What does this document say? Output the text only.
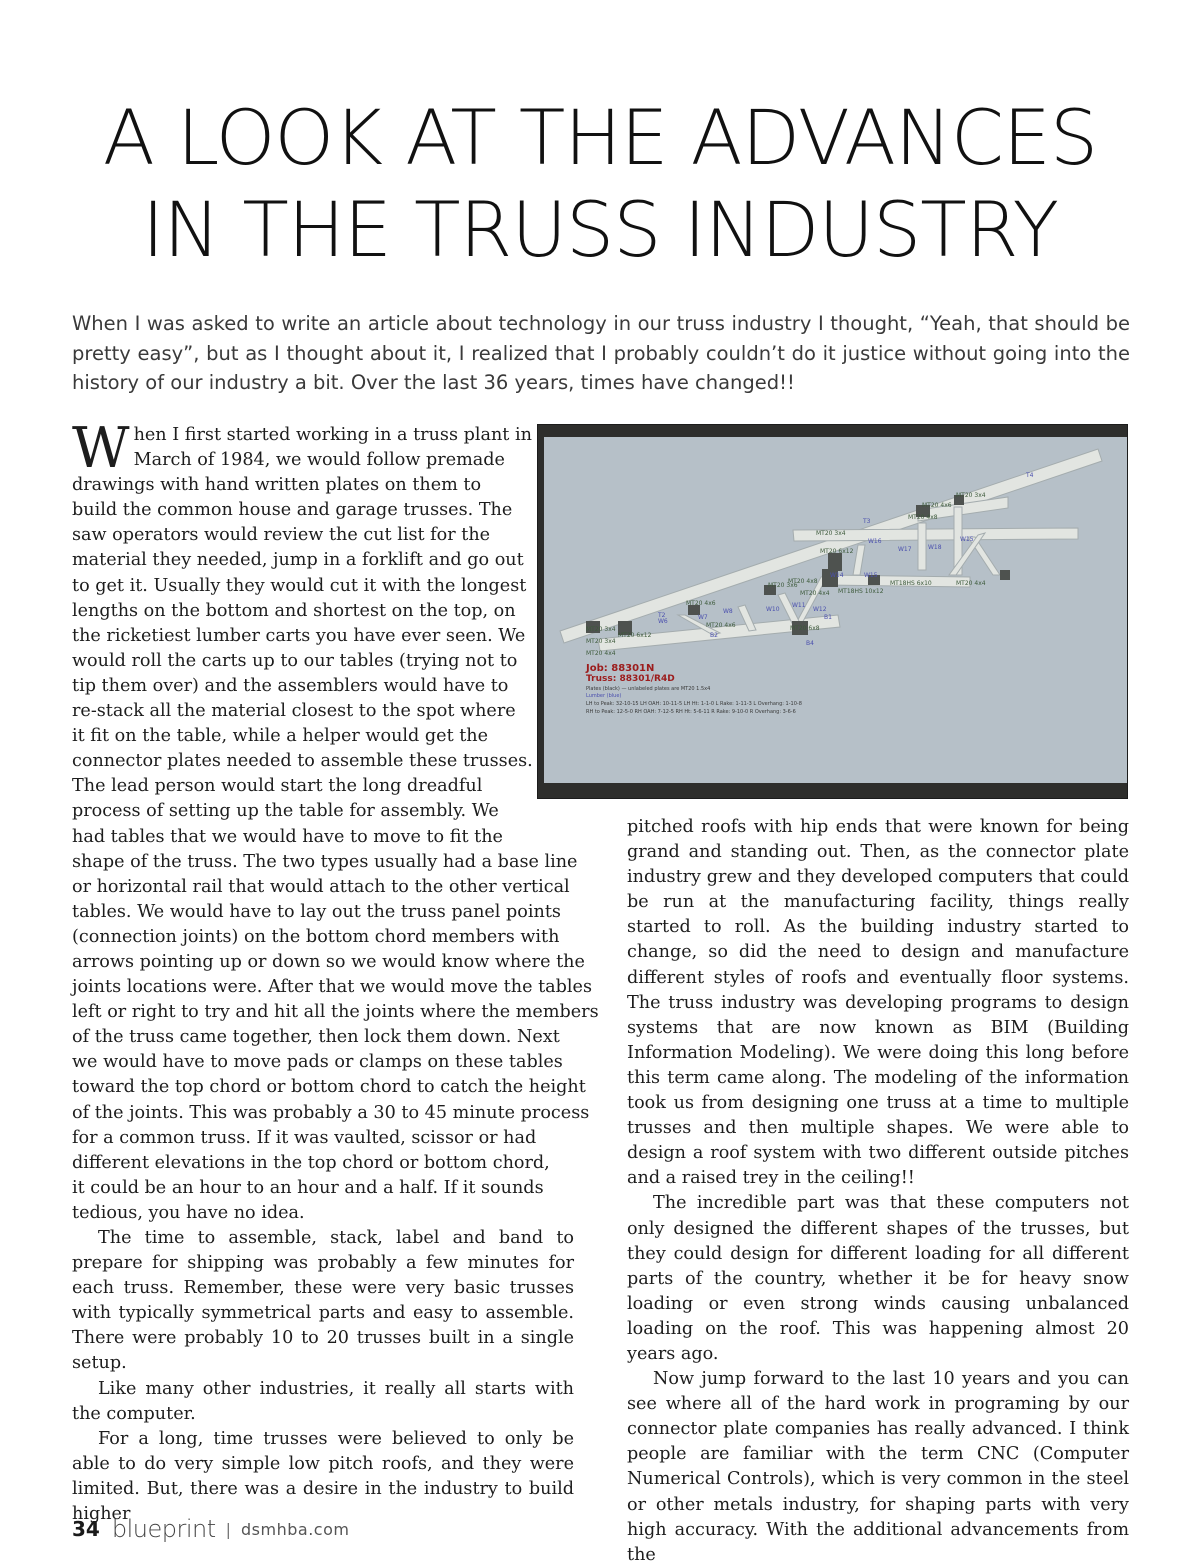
A LOOK AT THE ADVANCES
IN THE TRUSS INDUSTRY

When I was asked to write an article about technology in our truss industry I thought, “Yeah, that should be pretty easy”, but as I thought about it, I realized that I probably couldn’t do it justice without going into the history of our industry a bit. Over the last 36 years, times have changed!!

W hen I first started working in a truss plant in
March of 1984, we would follow premade
drawings with hand written plates on them to
build the common house and garage trusses. The
saw operators would review the cut list for the
material they needed, jump in a forklift and go out
to get it. Usually they would cut it with the longest
lengths on the bottom and shortest on the top, on
the ricketiest lumber carts you have ever seen. We
would roll the carts up to our tables (trying not to
tip them over) and the assemblers would have to
re-stack all the material closest to the spot where
it fit on the table, while a helper would get the
connector plates needed to assemble these trusses.
The lead person would start the long dreadful
process of setting up the table for assembly. We
had tables that we would have to move to fit the
shape of the truss. The two types usually had a base line
or horizontal rail that would attach to the other vertical
tables. We would have to lay out the truss panel points
(connection joints) on the bottom chord members with
arrows pointing up or down so we would know where the
joints locations were. After that we would move the tables
left or right to try and hit all the joints where the members
of the truss came together, then lock them down. Next
we would have to move pads or clamps on these tables
toward the top chord or bottom chord to catch the height
of the joints. This was probably a 30 to 45 minute process
for a common truss. If it was vaulted, scissor or had
different elevations in the top chord or bottom chord,
it could be an hour to an hour and a half. If it sounds
tedious, you have no idea.

The time to assemble, stack, label and band to prepare for shipping was probably a few minutes for each truss. Remember, these were very basic trusses with typically symmetrical parts and easy to assemble. There were probably 10 to 20 trusses built in a single setup.

Like many other industries, it really all starts with the computer.

For a long, time trusses were believed to only be able to do very simple low pitch roofs, and they were limited. But, there was a desire in the industry to build higher

T4
T3
W16
W17	W18
W15
W14	W15
W11
W12
W10
W8
W7
T2
W6
B4
B2
B1
MT20 3x4
MT20 4x6
MT20 4x8
MT20 3x4
MT20 6x12
MT20 3x6
MT20 4x8
MT20 4x4
MT18HS 6x10
MT18HS 10x12
MT20 4x4
MT20 4x6
MT20 4x6	MT20 6x8
MT20 3x4
MT20 6x12
MT20 3x4
MT20 4x4
Job: 88301N
Truss: 88301/R4D
Plates (black) — unlabeled plates are MT20 1.5x4
Lumber (blue)
LH to Peak: 32-10-15 LH OAH: 10-11-5 LH Ht: 1-1-0 L Rake: 1-11-3 L Overhang: 1-10-8
RH to Peak: 12-5-0 RH OAH: 7-12-5 RH Ht: 5-6-11 R Rake: 9-10-0 R Overhang: 3-6-6

pitched roofs with hip ends that were known for being grand and standing out. Then, as the connector plate industry grew and they developed computers that could be run at the manufacturing facility, things really started to roll. As the building industry started to change, so did the need to design and manufacture different styles of roofs and eventually floor systems. The truss industry was developing programs to design systems that are now known as BIM (Building Information Modeling). We were doing this long before this term came along. The modeling of the information took us from designing one truss at a time to multiple trusses and then multiple shapes. We were able to design a roof system with two different outside pitches and a raised trey in the ceiling!!

The incredible part was that these computers not only designed the different shapes of the trusses, but they could design for different loading for all different parts of the country, whether it be for heavy snow loading or even strong winds causing unbalanced loading on the roof. This was happening almost 20 years ago.

Now jump forward to the last 10 years and you can see where all of the hard work in programing by our connector plate companies has really advanced. I think people are familiar with the term CNC (Computer Numerical Controls), which is very common in the steel or other metals industry, for shaping parts with very high accuracy. With the additional advancements from the

34 blueprint | dsmhba.com
